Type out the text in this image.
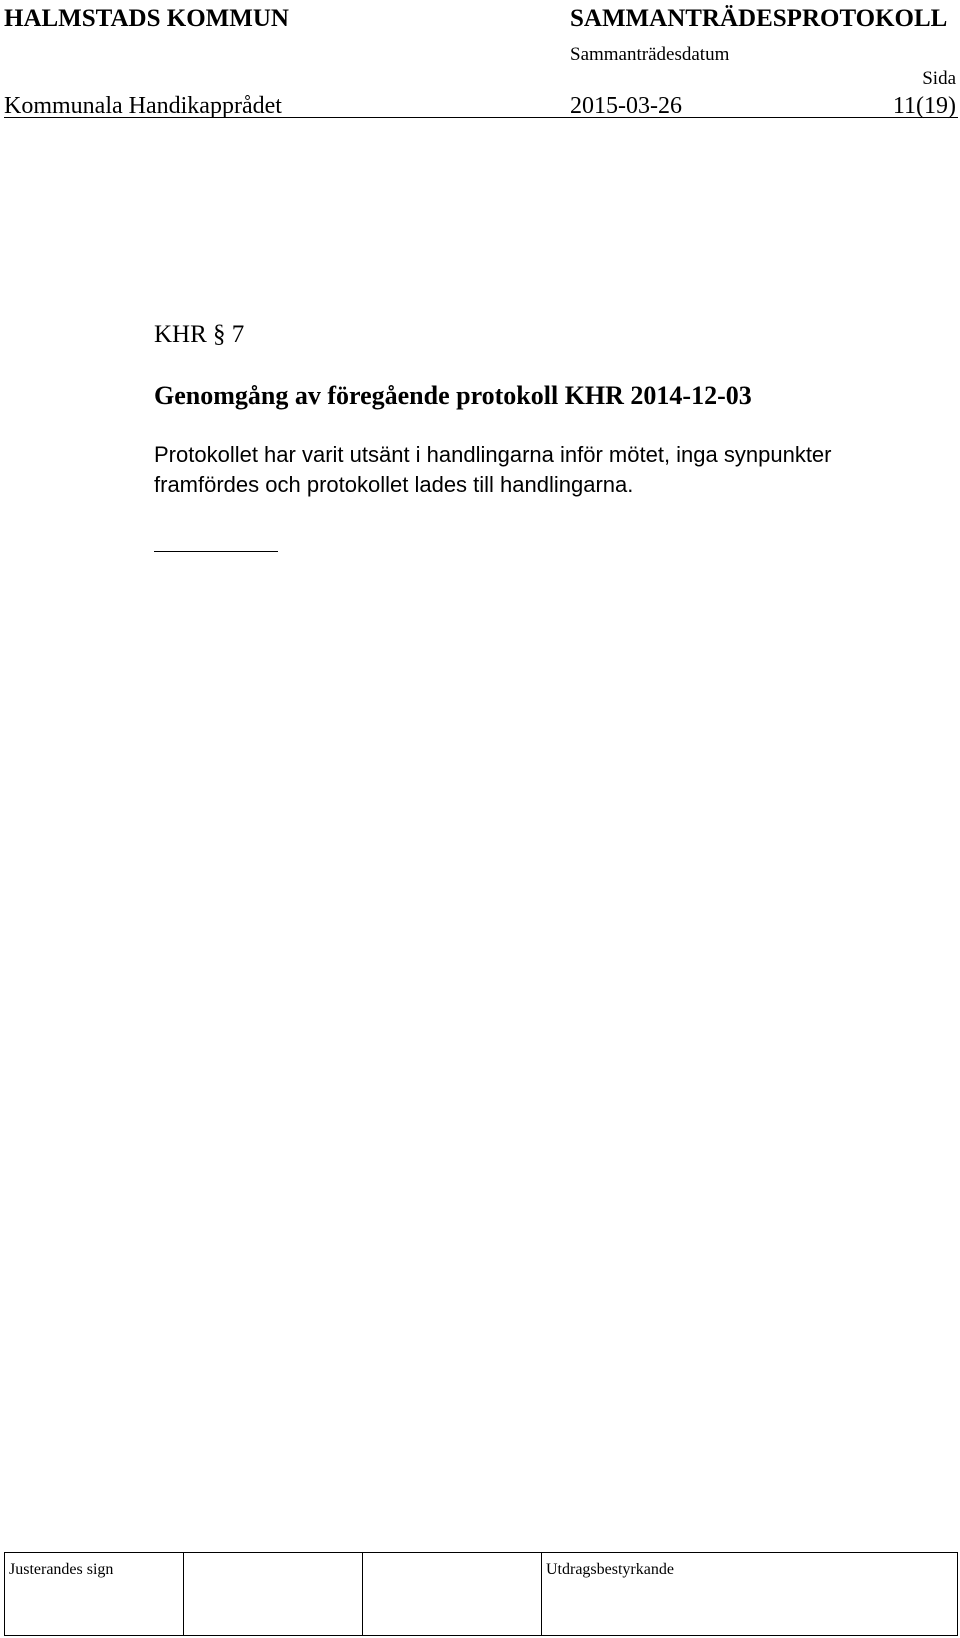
HALMSTADS KOMMUN	SAMMANTRÄDESPROTOKOLL
Sammanträdesdatum
Sida
Kommunala Handikapprådet	2015-03-26	11(19)
KHR § 7
Genomgång av föregående protokoll KHR 2014-12-03
Protokollet har varit utsänt i handlingarna inför mötet, inga synpunkter framfördes och protokollet lades till handlingarna.
Justerandes sign	Utdragsbestyrkande
